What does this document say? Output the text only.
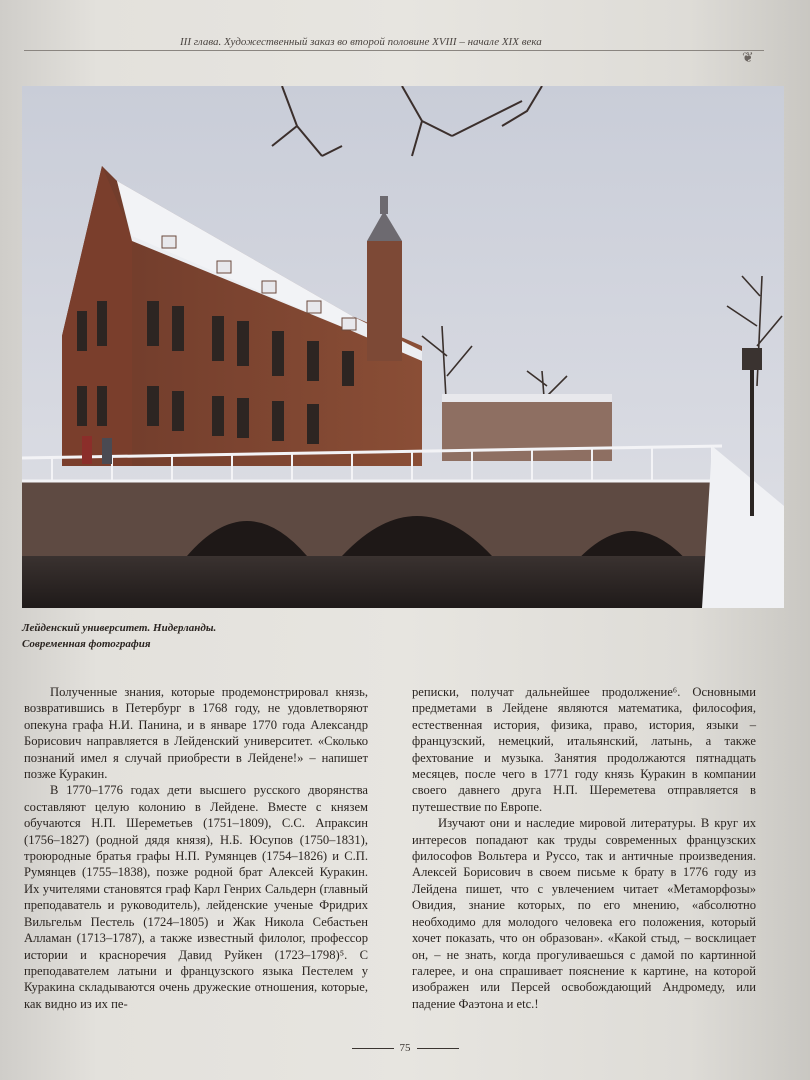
III глава. Художественный заказ во второй половине XVIII – начале XIX века
❦
Лейденский университет. Нидерланды.
Современная фотография

Полученные знания, которые продемонстрировал князь, возвратившись в Петербург в 1768 году, не удовлетворяют опекуна графа Н.И. Панина, и в январе 1770 года Александр Борисович направляется в Лейденский университет. «Сколько познаний имел я случай приобрести в Лейдене!» – напишет позже Куракин.

В 1770–1776 годах дети высшего русского дворянства составляют целую колонию в Лейдене. Вместе с князем обучаются Н.П. Шереметьев (1751–1809), С.С. Апраксин (1756–1827) (родной дядя князя), Н.Б. Юсупов (1750–1831), троюродные братья графы Н.П. Румянцев (1754–1826) и С.П. Румянцев (1755–1838), позже родной брат Алексей Куракин. Их учителями становятся граф Карл Генрих Сальдерн (главный преподаватель и руководитель), лейденские ученые Фридрих Вильгельм Пестель (1724–1805) и Жак Никола Себастьен Алламан (1713–1787), а также известный филолог, профессор истории и красноречия Давид Руйкен (1723–1798)⁵. С преподавателем латыни и французского языка Пестелем у Куракина складываются очень дружеские отношения, которые, как видно из их пе-

реписки, получат дальнейшее продолжение⁶. Основными предметами в Лейдене являются математика, философия, естественная история, физика, право, история, языки – французский, немецкий, итальянский, латынь, а также фехтование и музыка. Занятия продолжаются пятнадцать месяцев, после чего в 1771 году князь Куракин в компании своего давнего друга Н.П. Шереметева отправляется в путешествие по Европе.

Изучают они и наследие мировой литературы. В круг их интересов попадают как труды современных французских философов Вольтера и Руссо, так и античные произведения. Алексей Борисович в своем письме к брату в 1776 году из Лейдена пишет, что с увлечением читает «Метаморфозы» Овидия, знание которых, по его мнению, «абсолютно необходимо для молодого человека его положения, который хочет показать, что он образован». «Какой стыд, – восклицает он, – не знать, когда прогуливаешься с дамой по картинной галерее, и она спрашивает пояснение к картине, на которой изображен или Персей освобождающий Андромеду, или падение Фаэтона и etc.!

75
